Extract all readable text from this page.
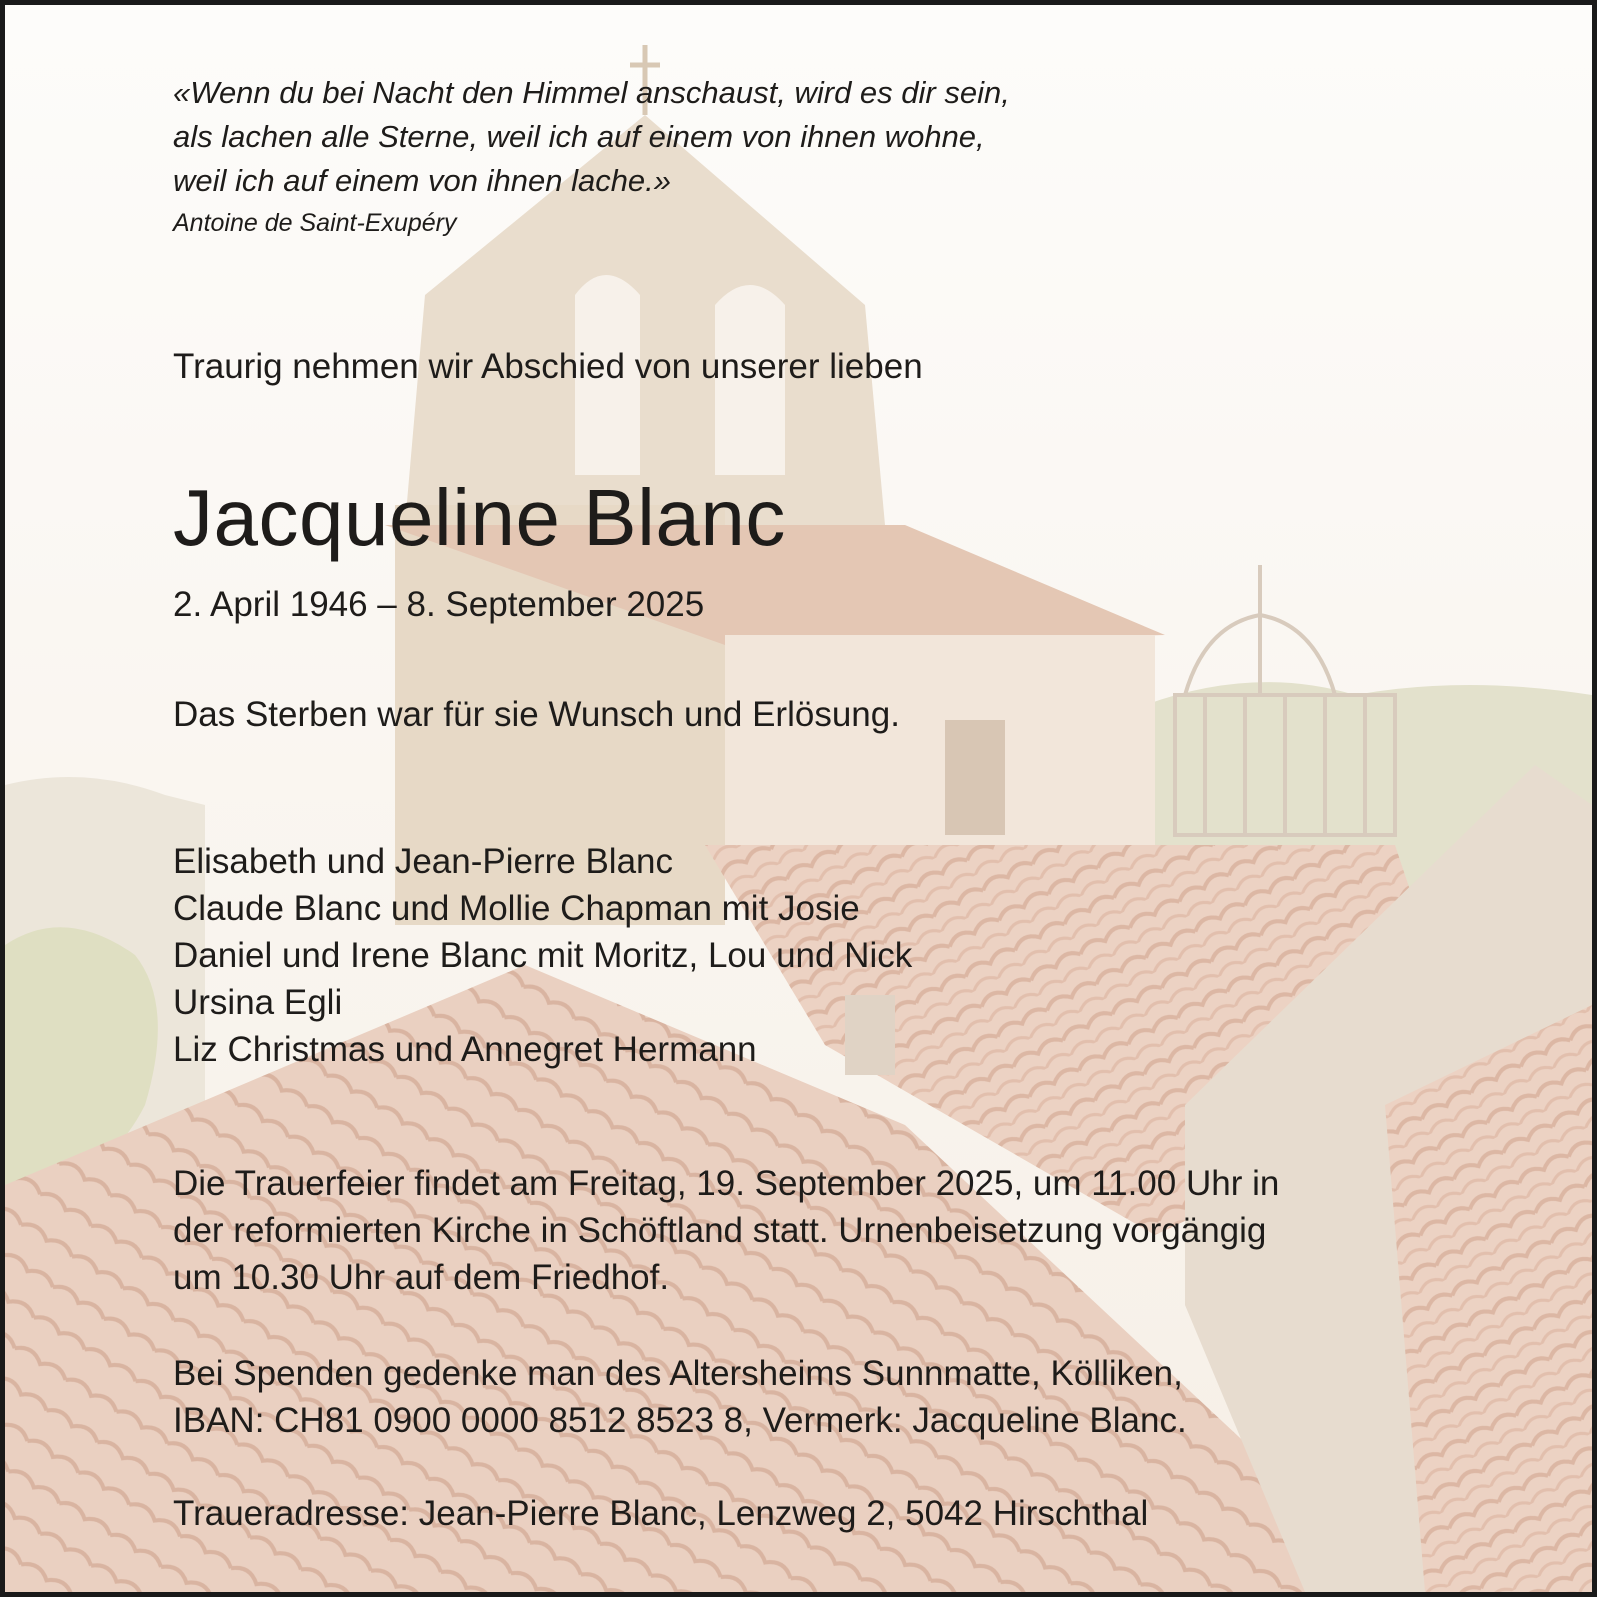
«Wenn du bei Nacht den Himmel anschaust, wird es dir sein,
als lachen alle Sterne, weil ich auf einem von ihnen wohne,
weil ich auf einem von ihnen lache.»
Antoine de Saint-Exupéry
Traurig nehmen wir Abschied von unserer lieben
Jacqueline Blanc
2. April 1946 – 8. September 2025
Das Sterben war für sie Wunsch und Erlösung.
Elisabeth und Jean-Pierre Blanc
Claude Blanc und Mollie Chapman mit Josie
Daniel und Irene Blanc mit Moritz, Lou und Nick
Ursina Egli
Liz Christmas und Annegret Hermann
Die Trauerfeier findet am Freitag, 19. September 2025, um 11.00 Uhr in
der reformierten Kirche in Schöftland statt. Urnenbeisetzung vorgängig
um 10.30 Uhr auf dem Friedhof.
Bei Spenden gedenke man des Altersheims Sunnmatte, Kölliken,
IBAN: CH81 0900 0000 8512 8523 8, Vermerk: Jacqueline Blanc.
Traueradresse: Jean-Pierre Blanc, Lenzweg 2, 5042 Hirschthal
